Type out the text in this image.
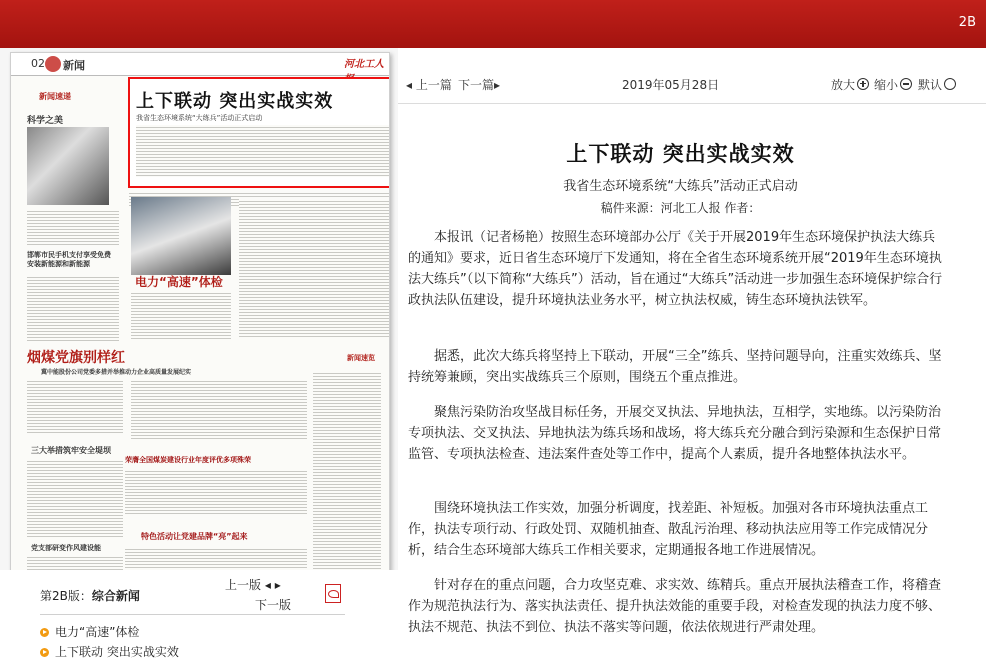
2B
02 新闻	河北工人
新闻速递
科学之美
邯郸市民手机支付享受免费安装新能源和新能源
上下联动 突出实战实效
我省生态环境系统“大练兵”活动正式启动
电力“高速”体检
烟煤党旗别样红
冀中能股份公司党委多措并举推动力企业高质量发展纪实
新闻速览
三大举措筑牢安全堤坝
荣膺全国煤炭建设行业年度评优多项殊荣
党支部研变作风建设能
特色活动让党建品牌“亮”起来
◂ 上一篇 下一篇▸	2019年05月28日	放大	缩小	默认
上下联动 突出实战实效
我省生态环境系统“大练兵”活动正式启动
稿件来源：河北工人报 作者：

本报讯（记者杨艳）按照生态环境部办公厅《关于开展2019年生态环境保护执法大练兵的通知》要求，近日省生态环境厅下发通知，将在全省生态环境系统开展“2019年生态环境执法大练兵”（以下简称“大练兵”）活动，旨在通过“大练兵”活动进一步加强生态环境保护综合行政执法队伍建设，提升环境执法业务水平，树立执法权威，铸生态环境执法铁军。

据悉，此次大练兵将坚持上下联动，开展“三全”练兵、坚持问题导向，注重实效练兵、坚持统筹兼顾，突出实战练兵三个原则，围绕五个重点推进。

聚焦污染防治攻坚战目标任务，开展交叉执法、异地执法，互相学，实地练。以污染防治专项执法、交叉执法、异地执法为练兵场和战场，将大练兵充分融合到污染源和生态保护日常监管、专项执法检查、违法案件查处等工作中，提高个人素质，提升各地整体执法水平。

围绕环境执法工作实效，加强分析调度，找差距、补短板。加强对各市环境执法重点工作，执法专项行动、行政处罚、双随机抽查、散乱污治理、移动执法应用等工作完成情况分析，结合生态环境部大练兵工作相关要求，定期通报各地工作进展情况。

针对存在的重点问题，合力攻坚克难、求实效、练精兵。重点开展执法稽查工作，将稽查作为规范执法行为、落实执法责任、提升执法效能的重要手段，对检查发现的执法力度不够、执法不规范、执法不到位、执法不落实等问题，依法依规进行严肃处理。

第2B版：综合新闻
上一版 ◂ ▸
下一版
电力“高速”体检
上下联动 突出实战实效
